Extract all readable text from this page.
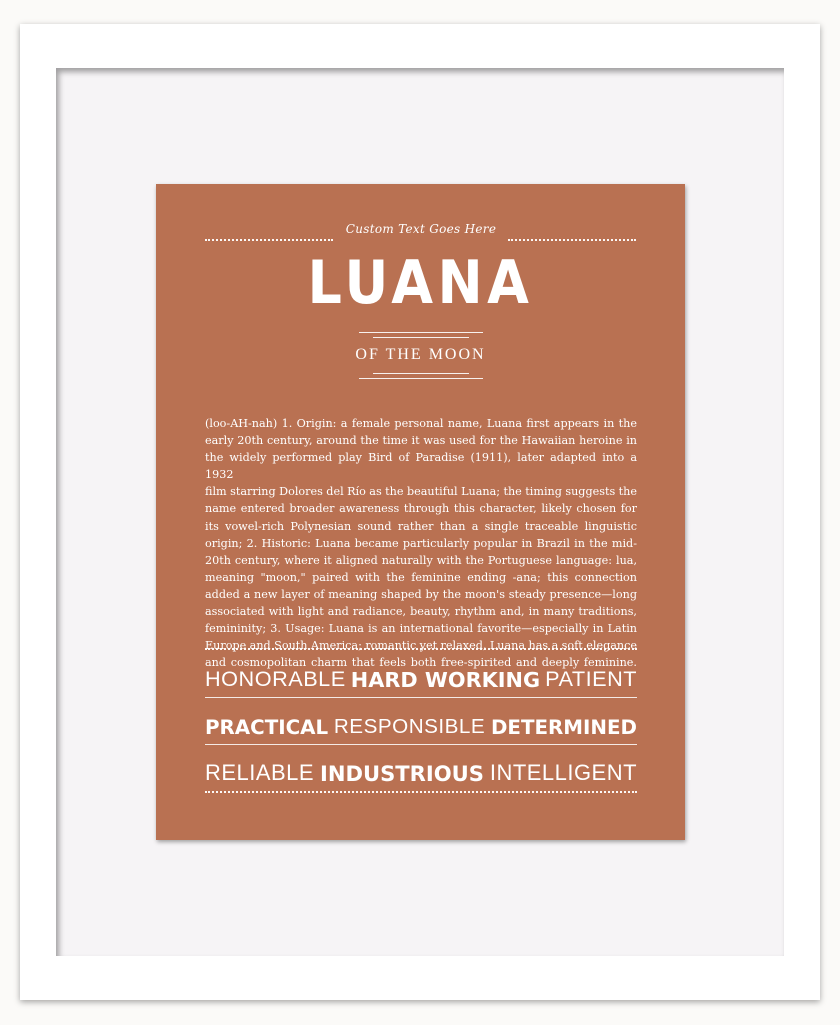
Custom Text Goes Here
LUANA
OF THE MOON
(loo-AH-nah) 1. Origin: a female personal name, Luana first appears in the
early 20th century, around the time it was used for the Hawaiian heroine in
the widely performed play Bird of Paradise (1911), later adapted into a 1932
film starring Dolores del Río as the beautiful Luana; the timing suggests the
name entered broader awareness through this character, likely chosen for
its vowel-rich Polynesian sound rather than a single traceable linguistic
origin; 2. Historic: Luana became particularly popular in Brazil in the mid-
20th century, where it aligned naturally with the Portuguese language: lua,
meaning "moon," paired with the feminine ending -ana; this connection
added a new layer of meaning shaped by the moon's steady presence—long
associated with light and radiance, beauty, rhythm and, in many traditions,
femininity; 3. Usage: Luana is an international favorite—especially in Latin
Europe and South America; romantic yet relaxed, Luana has a soft elegance
and cosmopolitan charm that feels both free-spirited and deeply feminine.
HONORABLE HARD WORKING PATIENT
PRACTICAL RESPONSIBLE DETERMINED
RELIABLE INDUSTRIOUS INTELLIGENT
